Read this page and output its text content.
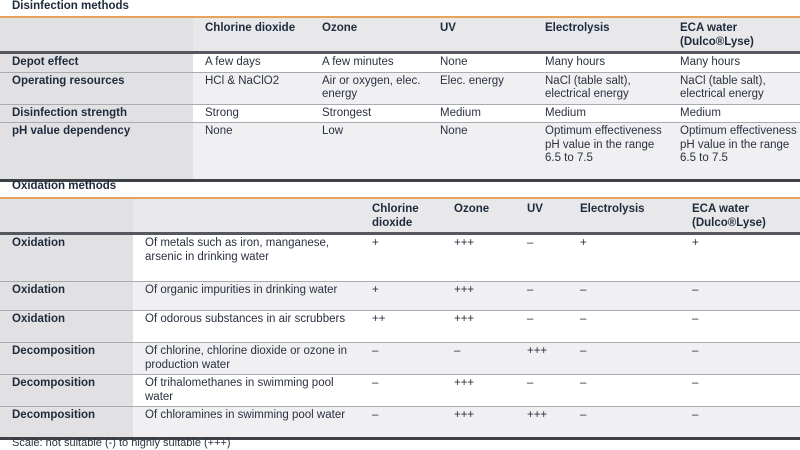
Disinfection methods
	Chlorine dioxide	Ozone	UV	Electrolysis	ECA water (Dulco®Lyse)
Depot effect	A few days	A few minutes	None	Many hours	Many hours
Operating resources	HCl & NaClO2	Air or oxygen, elec. energy	Elec. energy	NaCl (table salt), electrical energy	NaCl (table salt), electrical energy
Disinfection strength	Strong	Strongest	Medium	Medium	Medium
pH value dependency	None	Low	None	Optimum effectiveness pH value in the range 6.5 to 7.5	Optimum effectiveness pH value in the range 6.5 to 7.5
Oxidation methods
		Chlorine dioxide	Ozone	UV	Electrolysis	ECA water (Dulco®Lyse)
Oxidation	Of metals such as iron, manganese, arsenic in drinking water	+	+++	–	+	+
Oxidation	Of organic impurities in drinking water	+	+++	–	–	–
Oxidation	Of odorous substances in air scrubbers	++	+++	–	–	–
Decomposition	Of chlorine, chlorine dioxide or ozone in production water	–	–	+++	–	–
Decomposition	Of trihalomethanes in swimming pool water	–	+++	–	–	–
Decomposition	Of chloramines in swimming pool water	–	+++	+++	–	–
Scale: not suitable (-) to highly suitable (+++)
